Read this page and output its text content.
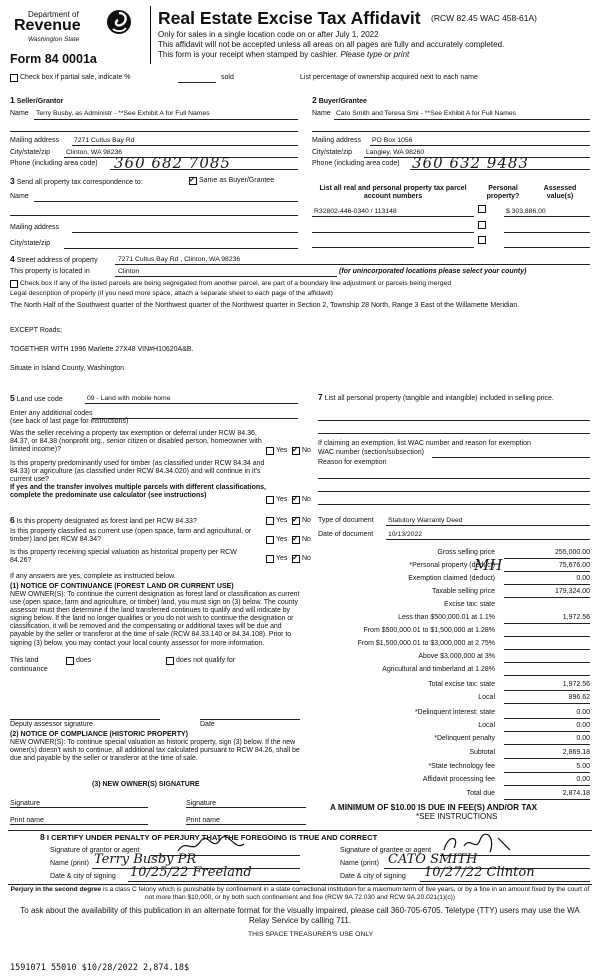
Department of
Revenue
Washington State
Form 84 0001a
Real Estate Excise Tax Affidavit (RCW 82.45 WAC 458-61A)
Only for sales in a single location code on or after July 1, 2022
This affidavit will not be accepted unless all areas on all pages are fully and accurately completed.
This form is your receipt when stamped by cashier. Please type or print
Check box if partial sale, indicate %	sold	List percentage of ownership acquired next to each name
1 Seller/Grantor
Name Terry Busby, as Administr - **See Exhibit A for Full Names
Mailing address 7271 Cultus Bay Rd
City/state/zip Clinton, WA 98236
Phone (including area code) 360 682 7085
2 Buyer/Grantee
Name Cato Smith and Teresa Smi - **See Exhibit A for Full Names
Mailing address PO Box 1056
City/state/zip Langley, WA 98260
Phone (including area code) 360 632 9483
3 Send all property tax correspondence to: ✓	Same as Buyer/Grantee
Name
Mailing address
City/state/zip
List all real and personal property tax parcel account numbers
Personal property?
Assessed value(s)
R32802-446-0340 / 113148	$ 303,886.00
4 Street address of property	7271 Cultus Bay Rd , Clinton, WA 98236
This property is located in	Clinton	(for unincorporated locations please select your county)
Check box if any of the listed parcels are being segregated from another parcel, are part of a boundary line adjustment or parcels being merged
Legal description of property (if you need more space, attach a separate sheet to each page of the affidavit)
The North Half of the Southwest quarter of the Northwest quarter of the Northwest quarter in Section 2, Township 28 North, Range 3 East of the Willamette Meridian.
EXCEPT Roads;
TOGETHER WITH 1996 Marlette 27X48 VIN#H10620A&B.
Situate in Island County, Washington
5 Land use code	09 - Land with mobile home
Enter any additional codes
(see back of last page for instructions)
Was the seller receiving a property tax exemption or deferral under RCW 84.36, 84.37, or 84.38 (nonprofit org., senior citizen or disabled person, homeowner with limited income)?	Yes ✓ No
Is this property predominantly used for timber (as classified under RCW 84.34 and 84.33) or agriculture (as classified under RCW 84.34.020) and will continue in it's current use?
If yes and the transfer involves multiple parcels with different classifications, complete the predominate use calculator (see instructions)
Yes ✓ No
7 List all personal property (tangible and intangible) included in selling price.
If claiming an exemption, list WAC number and reason for exemption
WAC number (section/subsection)
Reason for exemption
6 Is this property designated as forest land per RCW 84.33?	Yes ✓ No
Is this property classified as current use (open space, farm and agricultural, or timber) land per RCW 84.34?	Yes ✓ No
Is this property receiving special valuation as historical property per RCW 84.26?	Yes ✓ No
If any answers are yes, complete as instructed below.
(1) NOTICE OF CONTINUANCE (FOREST LAND OR CURRENT USE)
NEW OWNER(S): To continue the current designation as forest land or classification as current use (open space, farm and agriculture, or timber) land, you must sign on (3) below. The county assessor must then determine if the land transferred continues to qualify and will indicate by signing below. If the land no longer qualifies or you do not wish to continue the designation or classification, it will be removed and the compensating or additional taxes will be due and payable by the seller or transferor at the time of sale (RCW 84.33.140 or 84.34.108). Prior to signing (3) below, you may contact your local county assessor for more information.
This land	does	does not qualify for
continuance
Deputy assessor signature	Date
(2) NOTICE OF COMPLIANCE (HISTORIC PROPERTY)
NEW OWNER(S): To continue special valuation as historic property, sign (3) below. If the new owner(s) doesn't wish to continue, all additional tax calculated pursuant to RCW 84.26, shall be due and payable by the seller or transferor at the time of sale.
(3) NEW OWNER(S) SIGNATURE
Signature	Signature
Print name	Print name
Type of document Statutory Warranty Deed
Date of document 10/13/2022
Gross selling price	255,000.00
*Personal property (deduct)	75,676.00
Exemption claimed (deduct)	0.00
Taxable selling price	179,324.00
Excise tax: state
Less than $500,000.01 at 1.1%	1,972.56
From $500,000.01 to $1,500,000 at 1.28%
From $1,500,000.01 to $3,000,000 at 2.75%
Above $3,000,000 at 3%
Agricultural and timberland at 1.28%
Total excise tax: state	1,972.56
Local	896.62
*Delinquent interest: state	0.00
Local	0.00
*Delinquent penalty	0.00
Subtotal	2,869.18
*State technology fee	5.00
Affidavit processing fee	0.00
Total due	2,874.18
MH
A MINIMUM OF $10.00 IS DUE IN FEE(S) AND/OR TAX
*SEE INSTRUCTIONS
8 I CERTIFY UNDER PENALTY OF PERJURY THAT THE FOREGOING IS TRUE AND CORRECT
Signature of grantor or agent
Name (print) Terry Busby PR
Date & city of signing 10/25/22 Freeland
Signature of grantee or agent
Name (print) CATO SMITH
Date & city of signing 10/27/22 Clinton
Perjury in the second degree is a class C felony which is punishable by confinement in a state correctional institution for a maximum term of five years, or by a fine in an amount fixed by the court of not more than $10,000, or by both such confinement and fine (RCW 9A.72.030 and RCW 9A.20.021(1)(c))
To ask about the availability of this publication in an alternate format for the visually impaired, please call 360-705-6705. Teletype (TTY) users may use the WA Relay Service by calling 711.
THIS SPACE TREASURER'S USE ONLY
1591071 55010 $10/28/2022 2,874.18$
